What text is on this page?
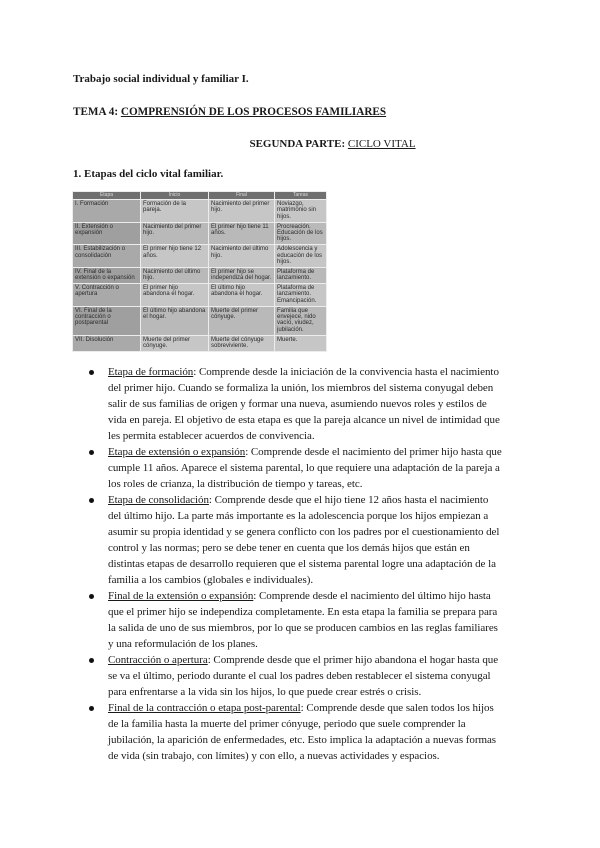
Trabajo social individual y familiar I.
TEMA 4: COMPRENSIÓN DE LOS PROCESOS FAMILIARES
SEGUNDA PARTE: CICLO VITAL
1. Etapas del ciclo vital familiar.
Etapa	Inicio	Final	Tareas
I. Formación	Formación de la pareja.	Nacimiento del primer hijo.	Noviazgo, matrimonio sin hijos.
II. Extensión o expansión	Nacimiento del primer hijo.	El primer hijo tiene 11 años.	Procreación. Educación de los hijos.
III. Estabilización o consolidación	El primer hijo tiene 12 años.	Nacimiento del último hijo.	Adolescencia y educación de los hijos.
IV. Final de la extensión o expansión	Nacimiento del último hijo.	El primer hijo se independiza del hogar.	Plataforma de lanzamiento.
V. Contracción o apertura	El primer hijo abandona el hogar.	El último hijo abandona el hogar.	Plataforma de lanzamiento. Emancipación.
VI. Final de la contracción o postparental	El último hijo abandona el hogar.	Muerte del primer cónyuge.	Familia que envejece, nido vacío, viudez, jubilación.
VII. Disolución	Muerte del primer cónyuge.	Muerte del cónyuge sobreviviente.	Muerte.
Etapa de formación: Comprende desde la iniciación de la convivencia hasta el nacimiento del primer hijo. Cuando se formaliza la unión, los miembros del sistema conyugal deben salir de sus familias de origen y formar una nueva, asumiendo nuevos roles y estilos de vida en pareja. El objetivo de esta etapa es que la pareja alcance un nivel de intimidad que les permita establecer acuerdos de convivencia.
Etapa de extensión o expansión: Comprende desde el nacimiento del primer hijo hasta que cumple 11 años. Aparece el sistema parental, lo que requiere una adaptación de la pareja a los roles de crianza, la distribución de tiempo y tareas, etc.
Etapa de consolidación: Comprende desde que el hijo tiene 12 años hasta el nacimiento del último hijo. La parte más importante es la adolescencia porque los hijos empiezan a asumir su propia identidad y se genera conflicto con los padres por el cuestionamiento del control y las normas; pero se debe tener en cuenta que los demás hijos que están en distintas etapas de desarrollo requieren que el sistema parental logre una adaptación de la familia a los cambios (globales e individuales).
Final de la extensión o expansión: Comprende desde el nacimiento del último hijo hasta que el primer hijo se independiza completamente. En esta etapa la familia se prepara para la salida de uno de sus miembros, por lo que se producen cambios en las reglas familiares y una reformulación de los planes.
Contracción o apertura: Comprende desde que el primer hijo abandona el hogar hasta que se va el último, periodo durante el cual los padres deben restablecer el sistema conyugal para enfrentarse a la vida sin los hijos, lo que puede crear estrés o crisis.
Final de la contracción o etapa post-parental: Comprende desde que salen todos los hijos de la familia hasta la muerte del primer cónyuge, periodo que suele comprender la jubilación, la aparición de enfermedades, etc. Esto implica la adaptación a nuevas formas de vida (sin trabajo, con límites) y con ello, a nuevas actividades y espacios.
